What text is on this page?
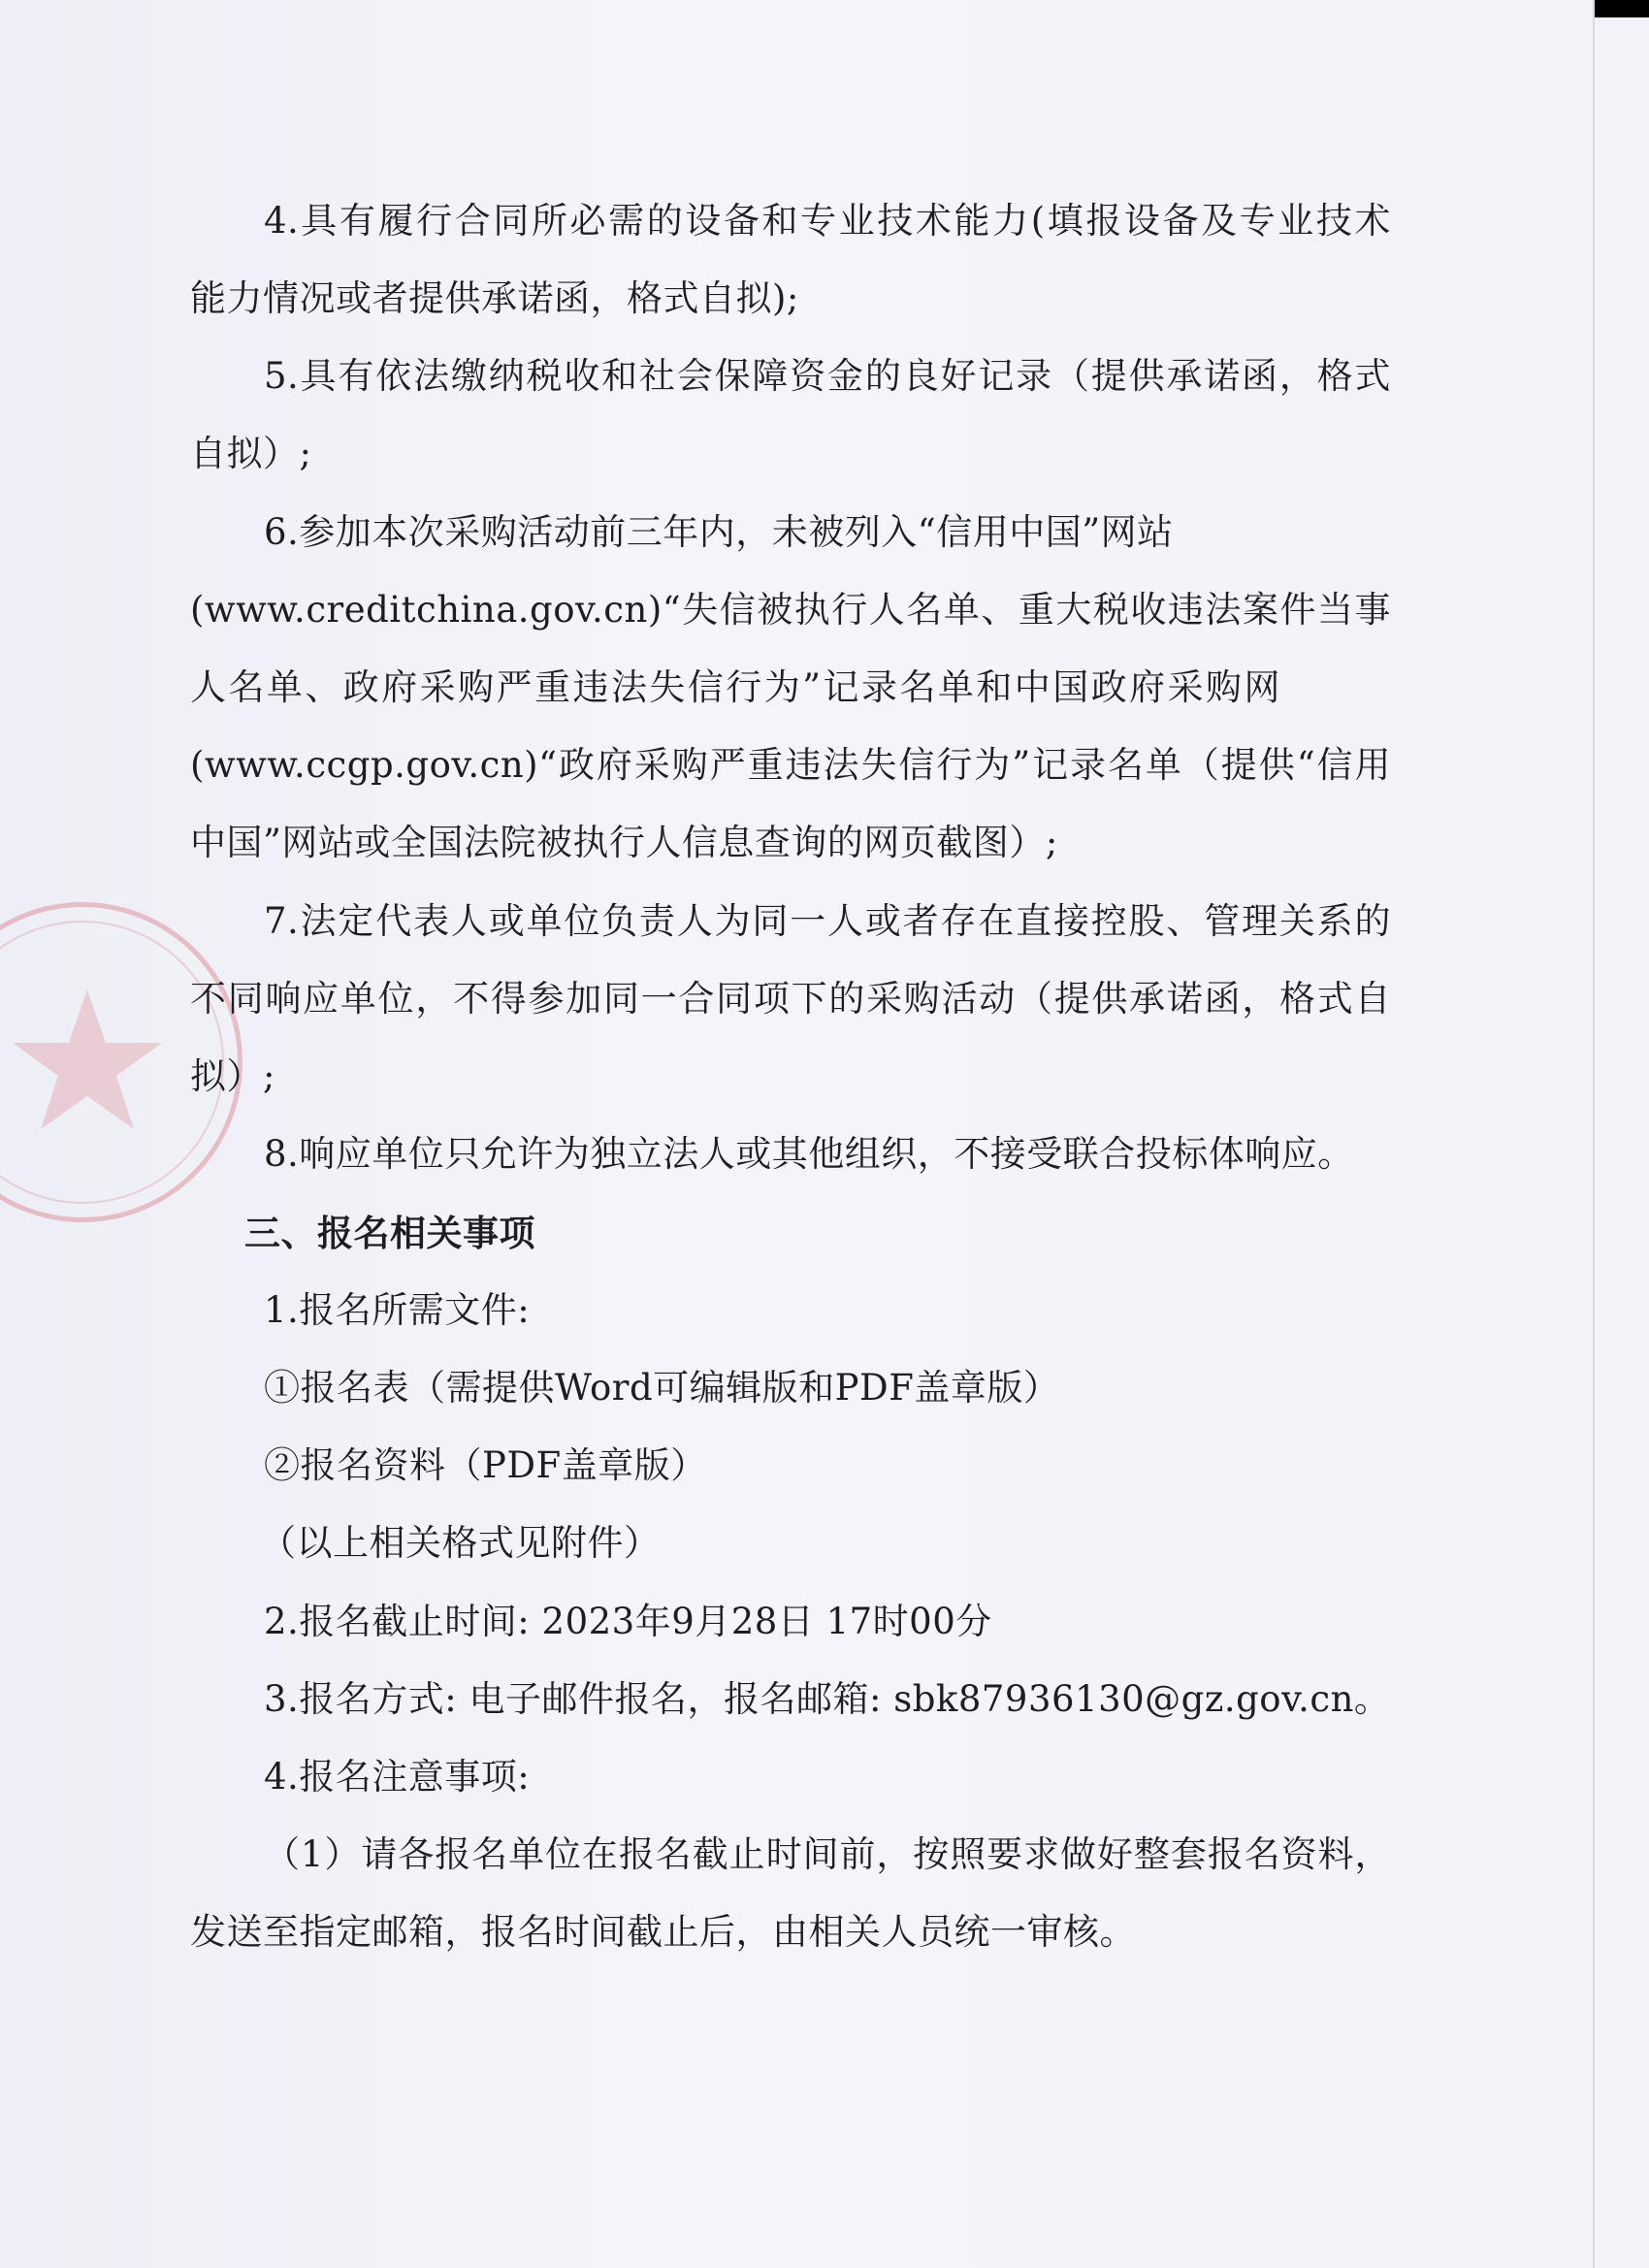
4.具有履行合同所必需的设备和专业技术能力(填报设备及专业技术
能力情况或者提供承诺函，格式自拟);
5.具有依法缴纳税收和社会保障资金的良好记录（提供承诺函，格式
自拟）;
6.参加本次采购活动前三年内，未被列入“信用中国”网站
(www.creditchina.gov.cn)“失信被执行人名单、重大税收违法案件当事
人名单、政府采购严重违法失信行为”记录名单和中国政府采购网
(www.ccgp.gov.cn)“政府采购严重违法失信行为”记录名单（提供“信用
中国”网站或全国法院被执行人信息查询的网页截图）;
7.法定代表人或单位负责人为同一人或者存在直接控股、管理关系的
不同响应单位，不得参加同一合同项下的采购活动（提供承诺函，格式自
拟）;
8.响应单位只允许为独立法人或其他组织，不接受联合投标体响应。
三、报名相关事项
1.报名所需文件:
①报名表（需提供Word可编辑版和PDF盖章版）
②报名资料（PDF盖章版）
（以上相关格式见附件）
2.报名截止时间: 2023年9月28日 17时00分
3.报名方式: 电子邮件报名，报名邮箱: sbk87936130@gz.gov.cn。
4.报名注意事项:
（1）请各报名单位在报名截止时间前，按照要求做好整套报名资料，
发送至指定邮箱，报名时间截止后，由相关人员统一审核。
